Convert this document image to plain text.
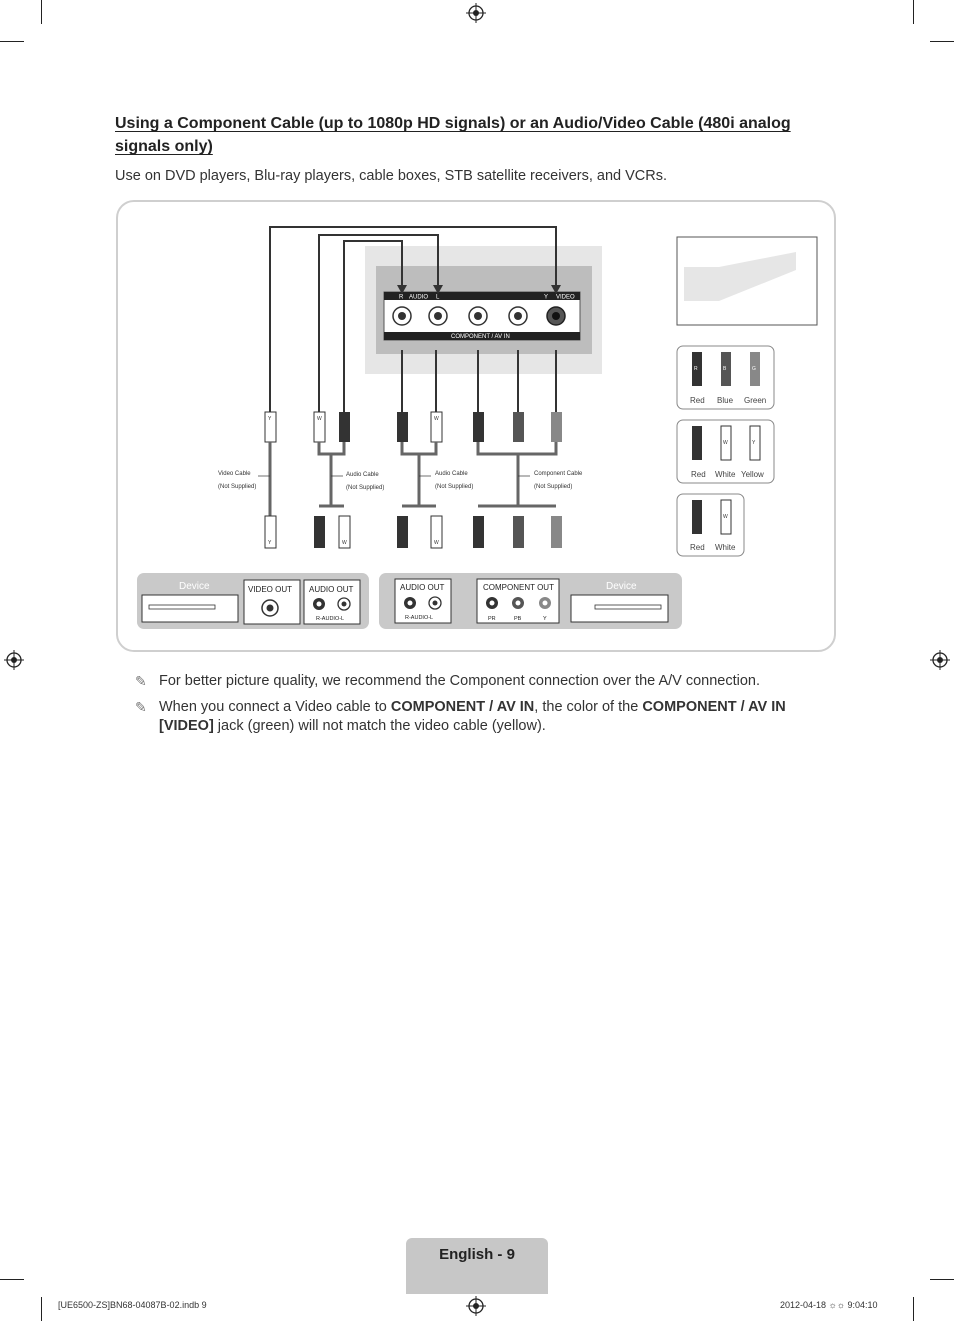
Using a Component Cable (up to 1080p HD signals) or an Audio/Video Cable (480i analog signals only)
Use on DVD players, Blu-ray players, cable boxes, STB satellite receivers, and VCRs.
AUDIO
R	L	Y VIDEO
COMPONENT / AV IN
Y	W	W
Video Cable
(Not Supplied)
Audio Cable
(Not Supplied)
Audio Cable
(Not Supplied)
Component Cable
(Not Supplied)
Y	W	W
Device	VIDEO OUT AUDIO OUT
R-AUDIO-L
Device
AUDIO OUT
R-AUDIO-L
COMPONENT OUT
PR	PB	Y
Red Blue Green
R	B	G
Red White Yellow
W	Y
Red White
W
✎ For better picture quality, we recommend the Component connection over the A/V connection.
✎ When you connect a Video cable to COMPONENT / AV IN, the color of the COMPONENT / AV IN [VIDEO] jack (green) will not match the video cable (yellow).
English - 9
[UE6500-ZS]BN68-04087B-02.indb 9	2012-04-18 ☼☼ 9:04:10
